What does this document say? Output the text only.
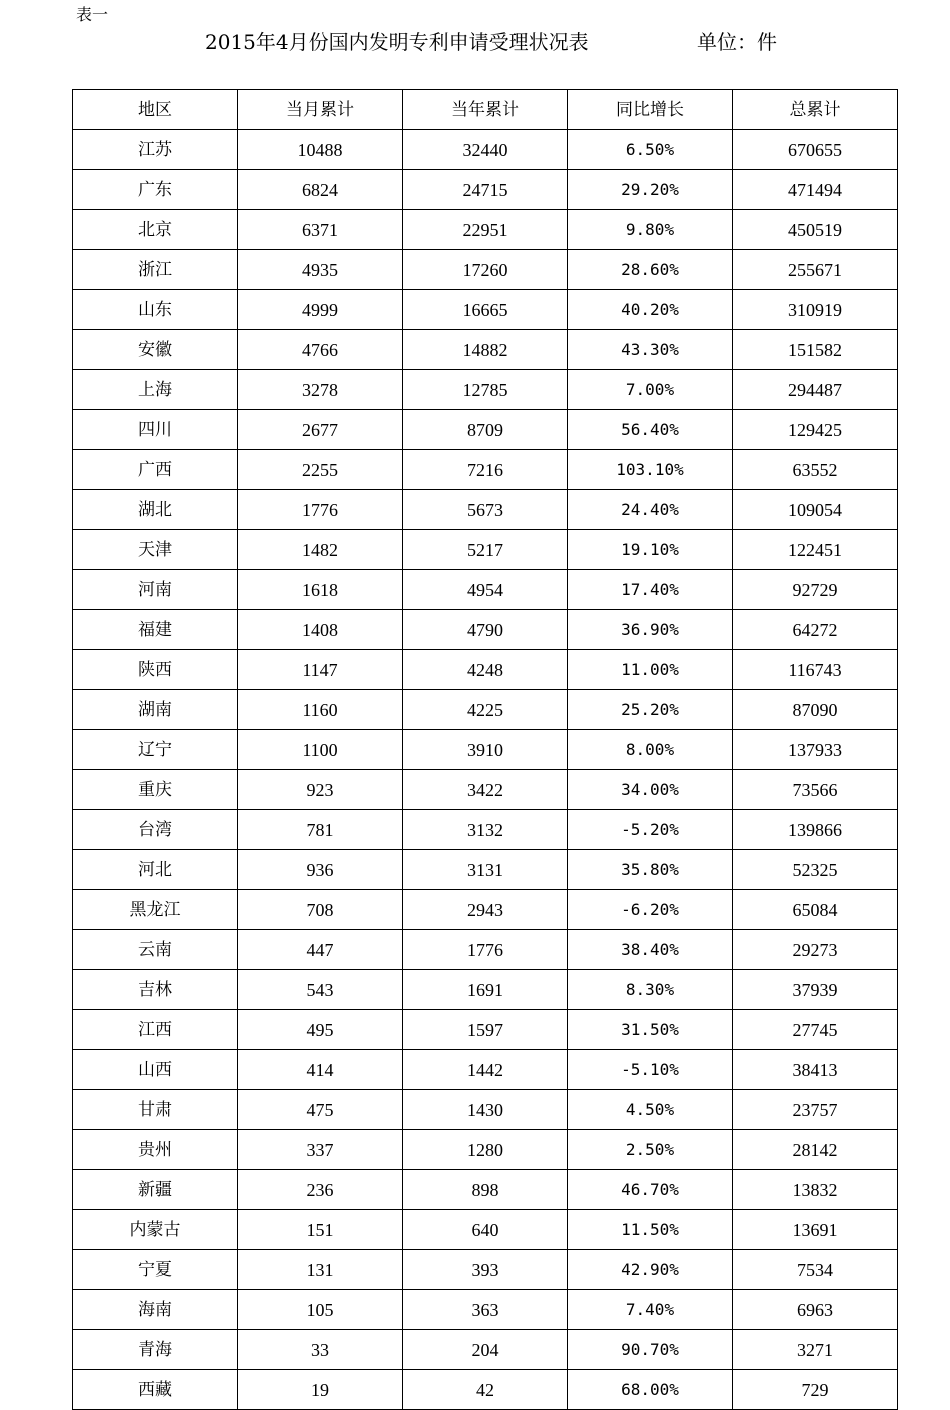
表一
2015年4月份国内发明专利申请受理状况表	单位：件
地区	当月累计	当年累计	同比增长	总累计
江苏	10488	32440	6.50%	670655
广东	6824	24715	29.20%	471494
北京	6371	22951	9.80%	450519
浙江	4935	17260	28.60%	255671
山东	4999	16665	40.20%	310919
安徽	4766	14882	43.30%	151582
上海	3278	12785	7.00%	294487
四川	2677	8709	56.40%	129425
广西	2255	7216	103.10%	63552
湖北	1776	5673	24.40%	109054
天津	1482	5217	19.10%	122451
河南	1618	4954	17.40%	92729
福建	1408	4790	36.90%	64272
陕西	1147	4248	11.00%	116743
湖南	1160	4225	25.20%	87090
辽宁	1100	3910	8.00%	137933
重庆	923	3422	34.00%	73566
台湾	781	3132	-5.20%	139866
河北	936	3131	35.80%	52325
黑龙江	708	2943	-6.20%	65084
云南	447	1776	38.40%	29273
吉林	543	1691	8.30%	37939
江西	495	1597	31.50%	27745
山西	414	1442	-5.10%	38413
甘肃	475	1430	4.50%	23757
贵州	337	1280	2.50%	28142
新疆	236	898	46.70%	13832
内蒙古	151	640	11.50%	13691
宁夏	131	393	42.90%	7534
海南	105	363	7.40%	6963
青海	33	204	90.70%	3271
西藏	19	42	68.00%	729
